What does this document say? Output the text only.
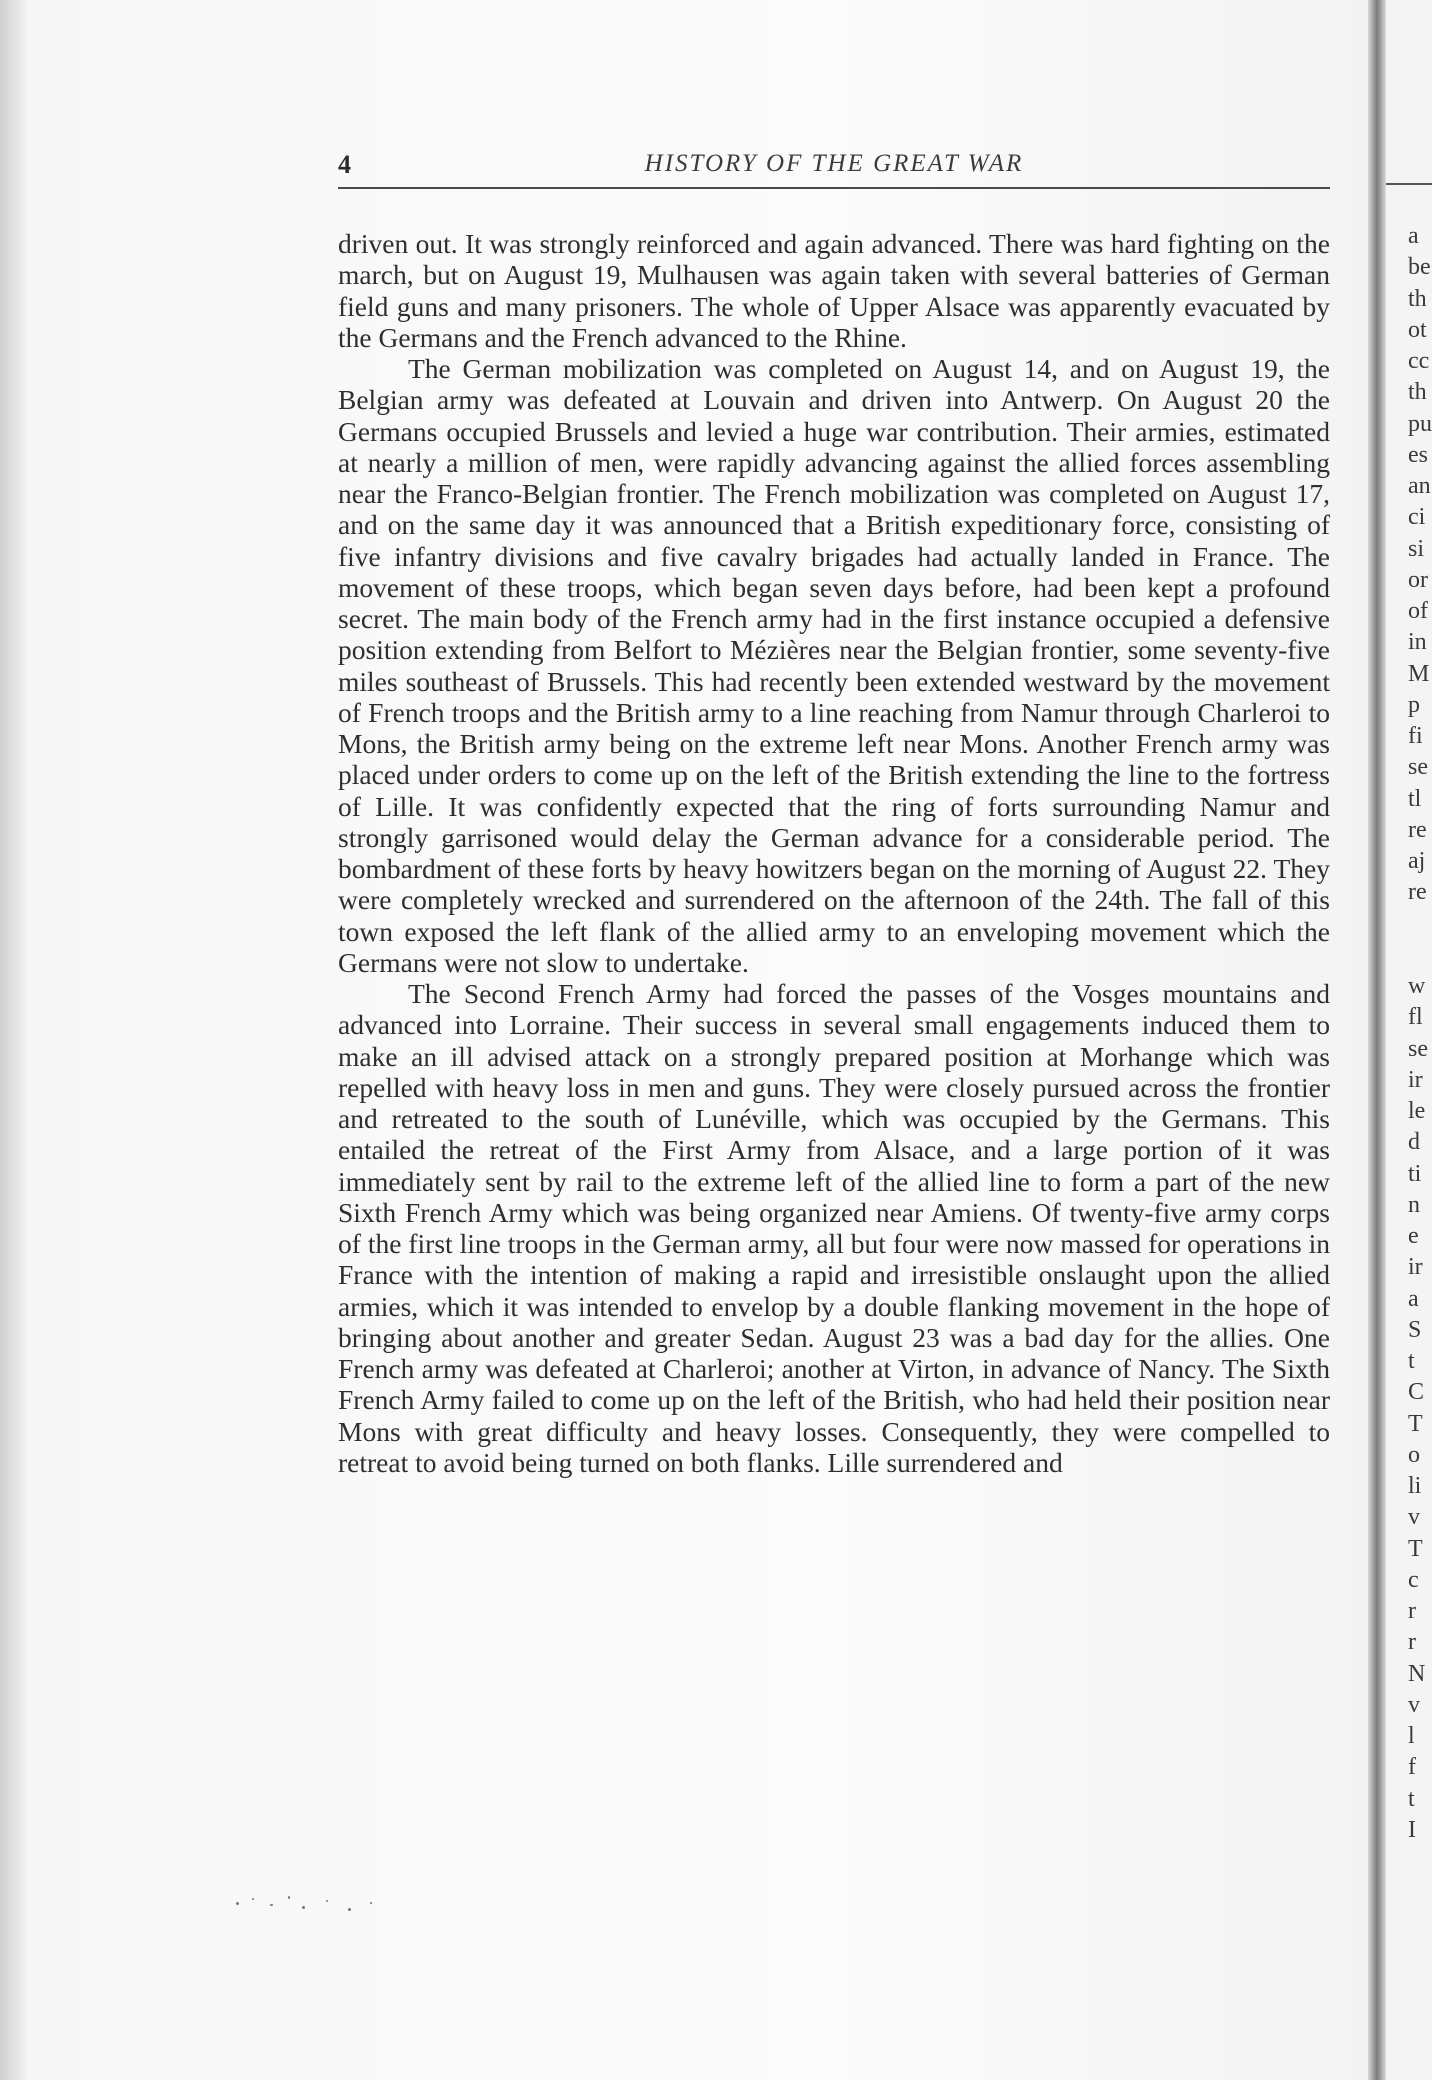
HISTORY OF THE GREAT WAR
4

driven out. It was strongly reinforced and again advanced. There was hard fighting on the march, but on August 19, Mulhausen was again taken with several batteries of German field guns and many prisoners. The whole of Upper Alsace was apparently evacuated by the Germans and the French advanced to the Rhine.

The German mobilization was completed on August 14, and on August 19, the Belgian army was defeated at Louvain and driven into Antwerp. On August 20 the Germans occupied Brussels and levied a huge war contribution. Their armies, estimated at nearly a million of men, were rapidly advancing against the allied forces assembling near the Franco-Belgian frontier. The French mobilization was completed on August 17, and on the same day it was announced that a British expeditionary force, consisting of five infantry divisions and five cavalry brigades had actually landed in France. The movement of these troops, which began seven days before, had been kept a profound secret. The main body of the French army had in the first instance occupied a defensive position extending from Belfort to Mézières near the Belgian frontier, some seventy-five miles southeast of Brussels. This had recently been extended westward by the movement of French troops and the British army to a line reaching from Namur through Charleroi to Mons, the British army being on the extreme left near Mons. Another French army was placed under orders to come up on the left of the British extending the line to the fortress of Lille. It was confidently expected that the ring of forts surrounding Namur and strongly garrisoned would delay the German advance for a considerable period. The bombardment of these forts by heavy howitzers began on the morning of August 22. They were completely wrecked and surrendered on the afternoon of the 24th. The fall of this town exposed the left flank of the allied army to an enveloping movement which the Germans were not slow to undertake.

The Second French Army had forced the passes of the Vosges mountains and advanced into Lorraine. Their success in several small engagements induced them to make an ill advised attack on a strongly prepared position at Morhange which was repelled with heavy loss in men and guns. They were closely pursued across the frontier and retreated to the south of Lunéville, which was occupied by the Germans. This entailed the retreat of the First Army from Alsace, and a large portion of it was immediately sent by rail to the extreme left of the allied line to form a part of the new Sixth French Army which was being organized near Amiens. Of twenty-five army corps of the first line troops in the German army, all but four were now massed for operations in France with the intention of making a rapid and irresistible onslaught upon the allied armies, which it was intended to envelop by a double flanking movement in the hope of bringing about another and greater Sedan. August 23 was a bad day for the allies. One French army was defeated at Charleroi; another at Virton, in advance of Nancy. The Sixth French Army failed to come up on the left of the British, who had held their position near Mons with great difficulty and heavy losses. Consequently, they were compelled to retreat to avoid being turned on both flanks. Lille surrendered and

a
be
th
ot
cc
th
pu
es
an
ci
si
or
of
in
M
p
fi
se
tl
re
aj
re
w
fl
se
ir
le
d
ti
n
e
ir
a
S
t
C
T
o
li
v
T
c
r
r
N
v
l
f
t
I
